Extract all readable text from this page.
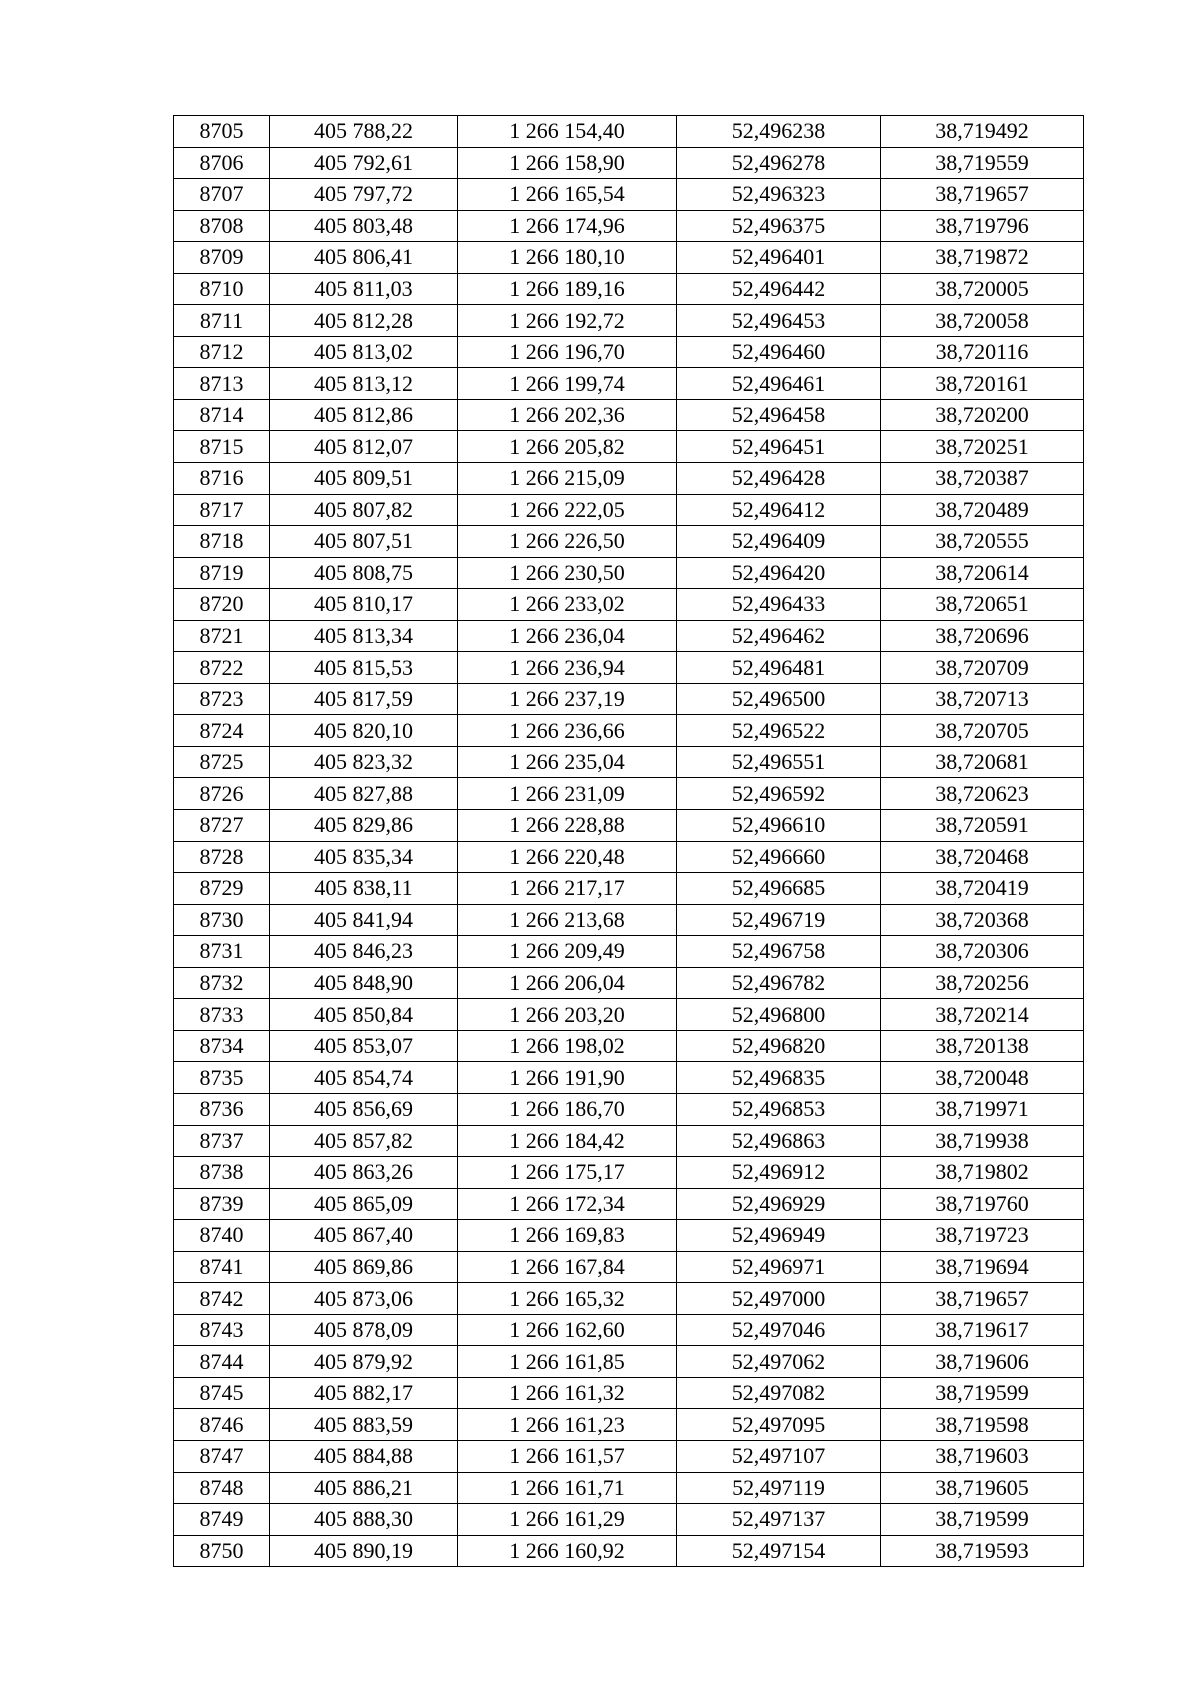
8705	405 788,22	1 266 154,40	52,496238	38,719492
8706	405 792,61	1 266 158,90	52,496278	38,719559
8707	405 797,72	1 266 165,54	52,496323	38,719657
8708	405 803,48	1 266 174,96	52,496375	38,719796
8709	405 806,41	1 266 180,10	52,496401	38,719872
8710	405 811,03	1 266 189,16	52,496442	38,720005
8711	405 812,28	1 266 192,72	52,496453	38,720058
8712	405 813,02	1 266 196,70	52,496460	38,720116
8713	405 813,12	1 266 199,74	52,496461	38,720161
8714	405 812,86	1 266 202,36	52,496458	38,720200
8715	405 812,07	1 266 205,82	52,496451	38,720251
8716	405 809,51	1 266 215,09	52,496428	38,720387
8717	405 807,82	1 266 222,05	52,496412	38,720489
8718	405 807,51	1 266 226,50	52,496409	38,720555
8719	405 808,75	1 266 230,50	52,496420	38,720614
8720	405 810,17	1 266 233,02	52,496433	38,720651
8721	405 813,34	1 266 236,04	52,496462	38,720696
8722	405 815,53	1 266 236,94	52,496481	38,720709
8723	405 817,59	1 266 237,19	52,496500	38,720713
8724	405 820,10	1 266 236,66	52,496522	38,720705
8725	405 823,32	1 266 235,04	52,496551	38,720681
8726	405 827,88	1 266 231,09	52,496592	38,720623
8727	405 829,86	1 266 228,88	52,496610	38,720591
8728	405 835,34	1 266 220,48	52,496660	38,720468
8729	405 838,11	1 266 217,17	52,496685	38,720419
8730	405 841,94	1 266 213,68	52,496719	38,720368
8731	405 846,23	1 266 209,49	52,496758	38,720306
8732	405 848,90	1 266 206,04	52,496782	38,720256
8733	405 850,84	1 266 203,20	52,496800	38,720214
8734	405 853,07	1 266 198,02	52,496820	38,720138
8735	405 854,74	1 266 191,90	52,496835	38,720048
8736	405 856,69	1 266 186,70	52,496853	38,719971
8737	405 857,82	1 266 184,42	52,496863	38,719938
8738	405 863,26	1 266 175,17	52,496912	38,719802
8739	405 865,09	1 266 172,34	52,496929	38,719760
8740	405 867,40	1 266 169,83	52,496949	38,719723
8741	405 869,86	1 266 167,84	52,496971	38,719694
8742	405 873,06	1 266 165,32	52,497000	38,719657
8743	405 878,09	1 266 162,60	52,497046	38,719617
8744	405 879,92	1 266 161,85	52,497062	38,719606
8745	405 882,17	1 266 161,32	52,497082	38,719599
8746	405 883,59	1 266 161,23	52,497095	38,719598
8747	405 884,88	1 266 161,57	52,497107	38,719603
8748	405 886,21	1 266 161,71	52,497119	38,719605
8749	405 888,30	1 266 161,29	52,497137	38,719599
8750	405 890,19	1 266 160,92	52,497154	38,719593
